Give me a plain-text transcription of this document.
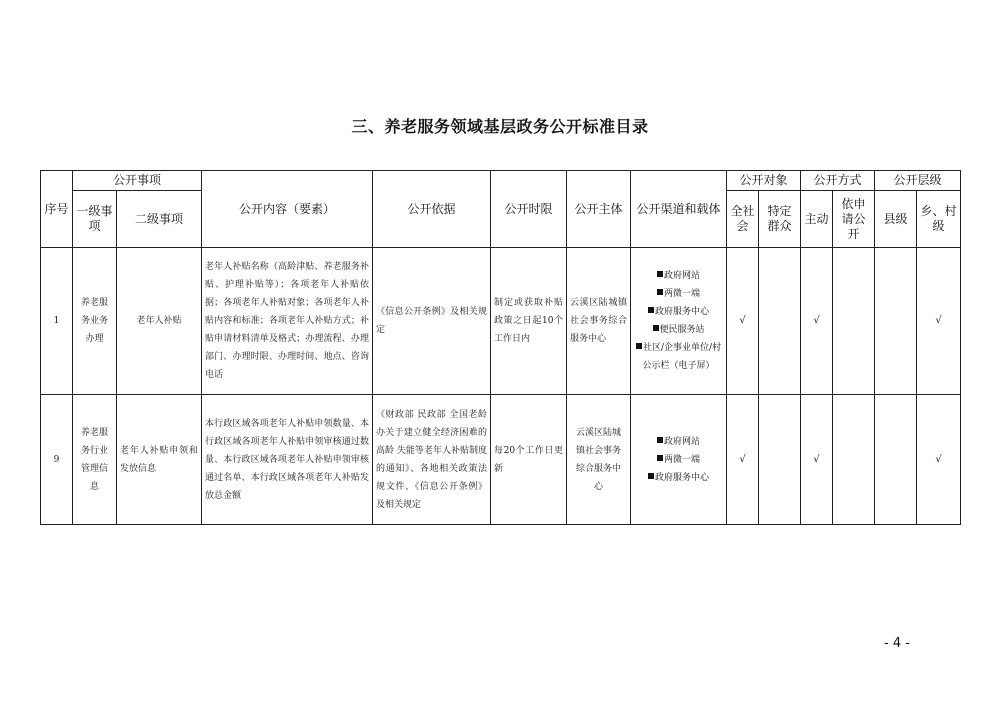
三、养老服务领域基层政务公开标准目录
序号	公开事项		公开内容（要素）	公开依据	公开时限	公开主体	公开渠道和载体	公开对象		公开方式		公开层级	
	一级事项	二级事项						全社会	特定群众	主动	依申请公开	县级	乡、村级
1	养老服务业务办理	老年人补贴	老年人补贴名称（高龄津贴、养老服务补贴、护理补贴等）；各项老年人补贴依据；各项老年人补贴对象；各项老年人补贴内容和标准；各项老年人补贴方式；补贴申请材料清单及格式；办理流程、办理部门、办理时限、办理时间、地点、咨询电话	《信息公开条例》及相关规定	制定或获取补贴政策之日起10个工作日内	云溪区陆城镇社会事务综合服务中心	政府网站
两微一端
政府服务中心
便民服务站
社区/企事业单位/村公示栏（电子屏）	√		√			√
9	养老服务行业管理信息	老年人补贴申领和发放信息	本行政区域各项老年人补贴申领数量、本行政区域各项老年人补贴申领审核通过数量、本行政区域各项老年人补贴申领审核通过名单、本行政区域各项老年人补贴发放总金额	《财政部 民政部 全国老龄办关于建立健全经济困难的高龄 失能等老年人补贴制度的通知》、各地相关政策法规文件、《信息公开条例》及相关规定	每20个工作日更新	云溪区陆城镇社会事务综合服务中心	政府网站
两微一端
政府服务中心	√		√			√
- 4 -
